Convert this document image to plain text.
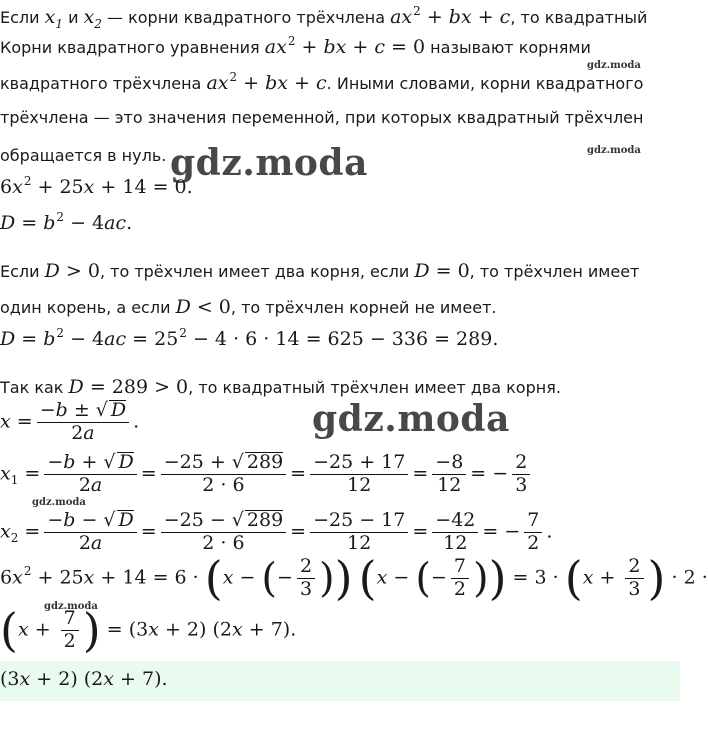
Если $x_1$ и $x_2$ — корни квадратного трёхчлена $ax^2$ + bx + c, то квадратный
Корни квадратного уравнения $ax^2$ + bx + c = 0 называют корнями
квадратного трёхчлена $ax^2$ + bx + c. Иными словами, корни квадратного
трёхчлена — это значения переменной, при которых квадратный трёхчлен
обращается в нуль.
$6x^2 + 25x + 14 = 0$.
$D = b^2 - 4ac$.
Если D > 0, то трёхчлен имеет два корня, если D = 0, то трёхчлен имеет
один корень, а если D < 0, то трёхчлен корней не имеет.
$D = b^2 - 4ac = 25^2 - 4 \cdot 6 \cdot 14 = 625 - 336 = 289$.
Так как D = 289 > 0, то квадратный трёхчлен имеет два корня.
$x = \frac{-b \pm √ D}{2a}$ .
$x_1 = \frac{-b + √ D}{2a} = \frac{-25 + √ 289}{2 \cdot 6} = \frac{-25 + 17}{12} = \frac{-8}{12}$ = − $\frac{2}{3}$
$x_2 = \frac{-b - √ D}{2a} = \frac{-25 - √ 289}{2 \cdot 6} = \frac{-25 - 17}{12} = \frac{-42}{12}$ = − $\frac{7}{2}$ .
$6x^2 + 25x + 14 = 6 \cdot (x$ − (− $\frac{2}{3}$ )) (x − (− $\frac{7}{2}$ )) = $3 \cdot (x + \frac{2}{3}$ ) · 2 ·
($x + \frac{7}{2}$ ) = (3x + 2) (2x + 7).
(3x + 2) (2x + 7).
gdz.moda
gdz.moda
gdz.moda
gdz.moda
gdz.moda
gdz.moda
